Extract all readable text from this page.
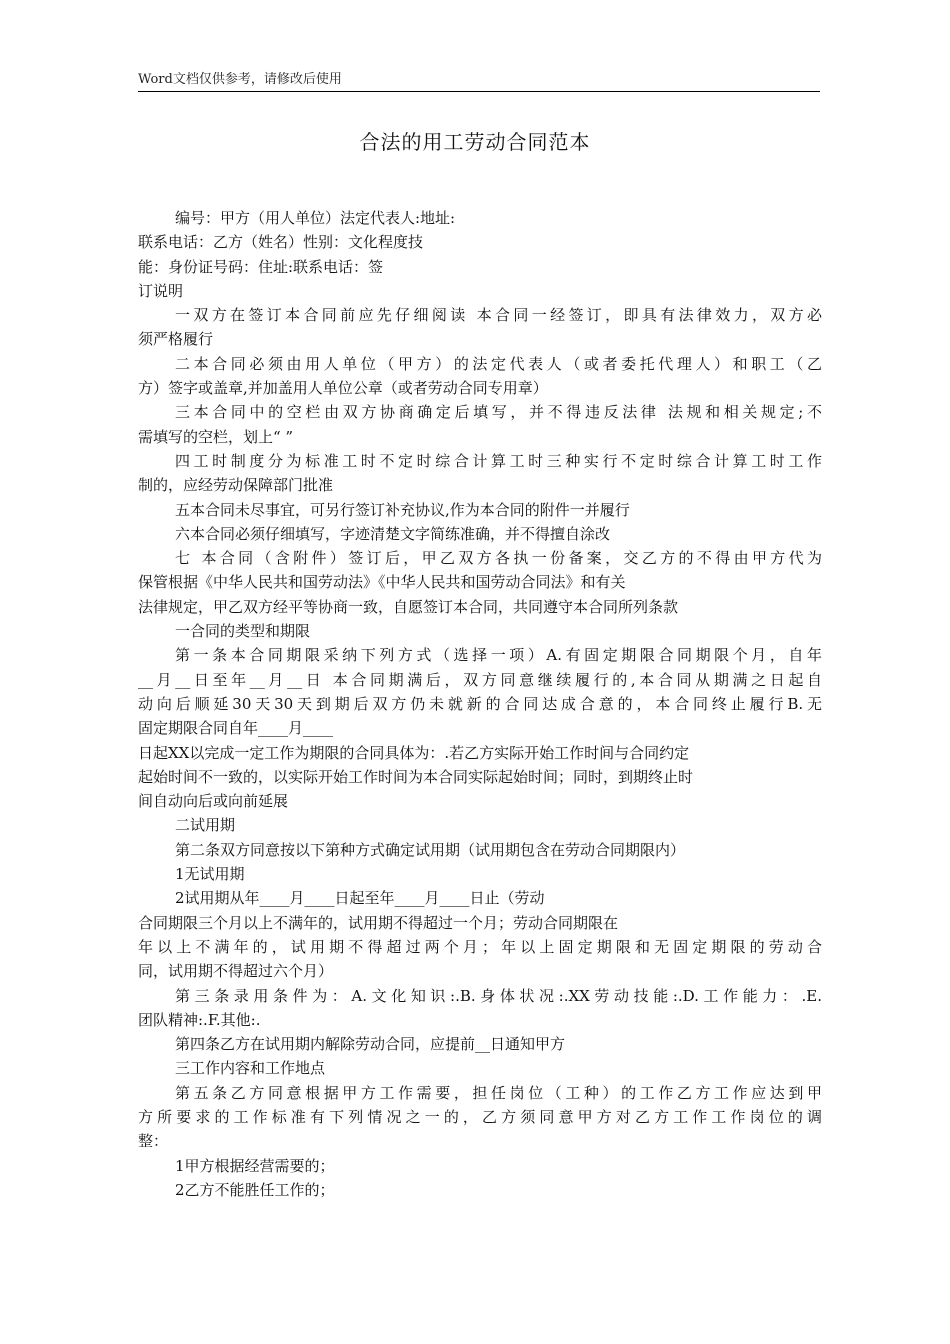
Word文档仅供参考，请修改后使用
合法的用工劳动合同范本
编号：甲方（用人单位）法定代表人:地址:
联系电话：乙方（姓名）性别：文化程度技
能：身份证号码：住址:联系电话：签
订说明
一双方在签订本合同前应先仔细阅读 本合同一经签订，即具有法律效力，双方必
须严格履行
二本合同必须由用人单位（甲方）的法定代表人（或者委托代理人）和职工（乙
方）签字或盖章,并加盖用人单位公章（或者劳动合同专用章）
三本合同中的空栏由双方协商确定后填写，并不得违反法律 法规和相关规定;不
需填写的空栏，划上“ ”
四工时制度分为标准工时不定时综合计算工时三种实行不定时综合计算工时工作
制的，应经劳动保障部门批准
五本合同未尽事宜，可另行签订补充协议,作为本合同的附件一并履行
六本合同必须仔细填写，字迹清楚文字简练准确，并不得擅自涂改
七 本合同（含附件）签订后，甲乙双方各执一份备案，交乙方的不得由甲方代为
保管根据《中华人民共和国劳动法》《中华人民共和国劳动合同法》和有关
法律规定，甲乙双方经平等协商一致，自愿签订本合同，共同遵守本合同所列条款
一合同的类型和期限
第一条本合同期限采纳下列方式（选择一项）A.有固定期限合同期限个月，自年
__月__日至年__月__日 本合同期满后，双方同意继续履行的,本合同从期满之日起自
动向后顺延30天30天到期后双方仍未就新的合同达成合意的，本合同终止履行B.无
固定期限合同自年____月____
日起XX以完成一定工作为期限的合同具体为：.若乙方实际开始工作时间与合同约定
起始时间不一致的，以实际开始工作时间为本合同实际起始时间；同时，到期终止时
间自动向后或向前延展
二试用期
第二条双方同意按以下第种方式确定试用期（试用期包含在劳动合同期限内）
1无试用期
2试用期从年____月____日起至年____月____日止（劳动
合同期限三个月以上不满年的，试用期不得超过一个月；劳动合同期限在
年以上不满年的，试用期不得超过两个月；年以上固定期限和无固定期限的劳动合
同，试用期不得超过六个月）
第三条录用条件为：A.文化知识:.B.身体状况:.XX劳动技能:.D.工作能力：.E.
团队精神:.F.其他:.
第四条乙方在试用期内解除劳动合同，应提前__日通知甲方
三工作内容和工作地点
第五条乙方同意根据甲方工作需要，担任岗位（工种）的工作乙方工作应达到甲
方所要求的工作标准有下列情况之一的，乙方须同意甲方对乙方工作工作岗位的调
整：
1甲方根据经营需要的；
2乙方不能胜任工作的；
